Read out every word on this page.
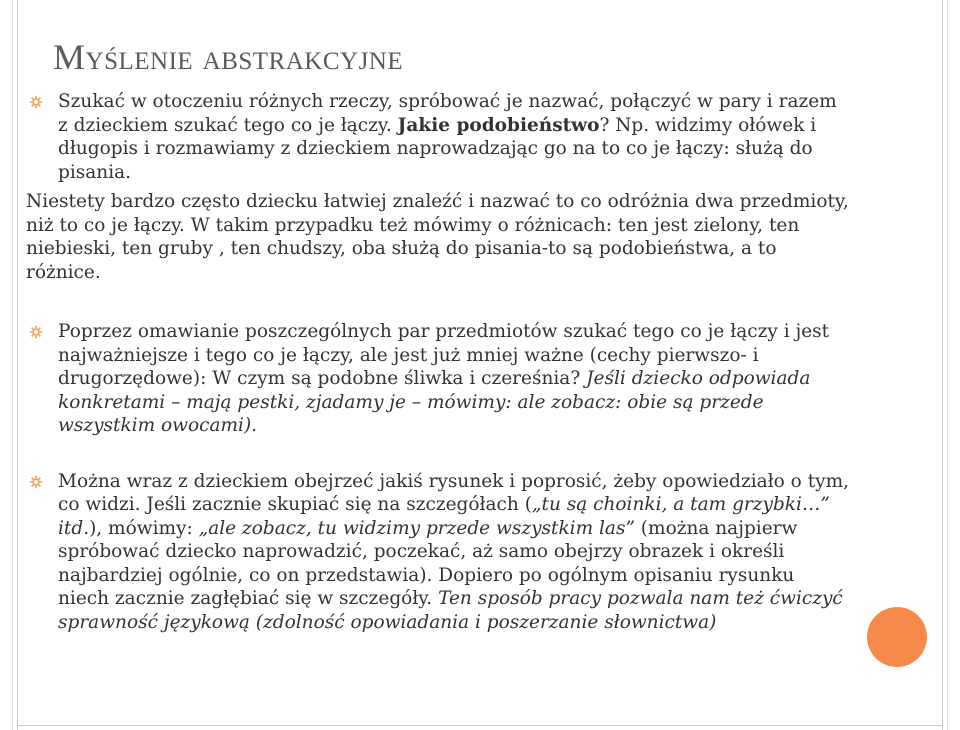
Myślenie abstrakcyjne

Szukać w otoczeniu różnych rzeczy, spróbować je nazwać, połączyć w pary i razem z dzieckiem szukać tego co je łączy. Jakie podobieństwo? Np. widzimy ołówek i długopis i rozmawiamy z dzieckiem naprowadzając go na to co je łączy: służą do pisania.

Niestety bardzo często dziecku łatwiej znaleźć i nazwać to co odróżnia dwa przedmioty, niż to co je łączy. W takim przypadku też mówimy o różnicach: ten jest zielony, ten niebieski, ten gruby , ten chudszy, oba służą do pisania-to są podobieństwa, a to różnice.

Poprzez omawianie poszczególnych par przedmiotów szukać tego co je łączy i jest najważniejsze i tego co je łączy, ale jest już mniej ważne (cechy pierwszo- i drugorzędowe): W czym są podobne śliwka i czereśnia? Jeśli dziecko odpowiada konkretami – mają pestki, zjadamy je – mówimy: ale zobacz: obie są przede wszystkim owocami).

Można wraz z dzieckiem obejrzeć jakiś rysunek i poprosić, żeby opowiedziało o tym, co widzi. Jeśli zacznie skupiać się na szczegółach („tu są choinki, a tam grzybki…” itd.), mówimy: „ale zobacz, tu widzimy przede wszystkim las” (można najpierw spróbować dziecko naprowadzić, poczekać, aż samo obejrzy obrazek i określi najbardziej ogólnie, co on przedstawia). Dopiero po ogólnym opisaniu rysunku niech zacznie zagłębiać się w szczegóły. Ten sposób pracy pozwala nam też ćwiczyć sprawność językową (zdolność opowiadania i poszerzanie słownictwa)
